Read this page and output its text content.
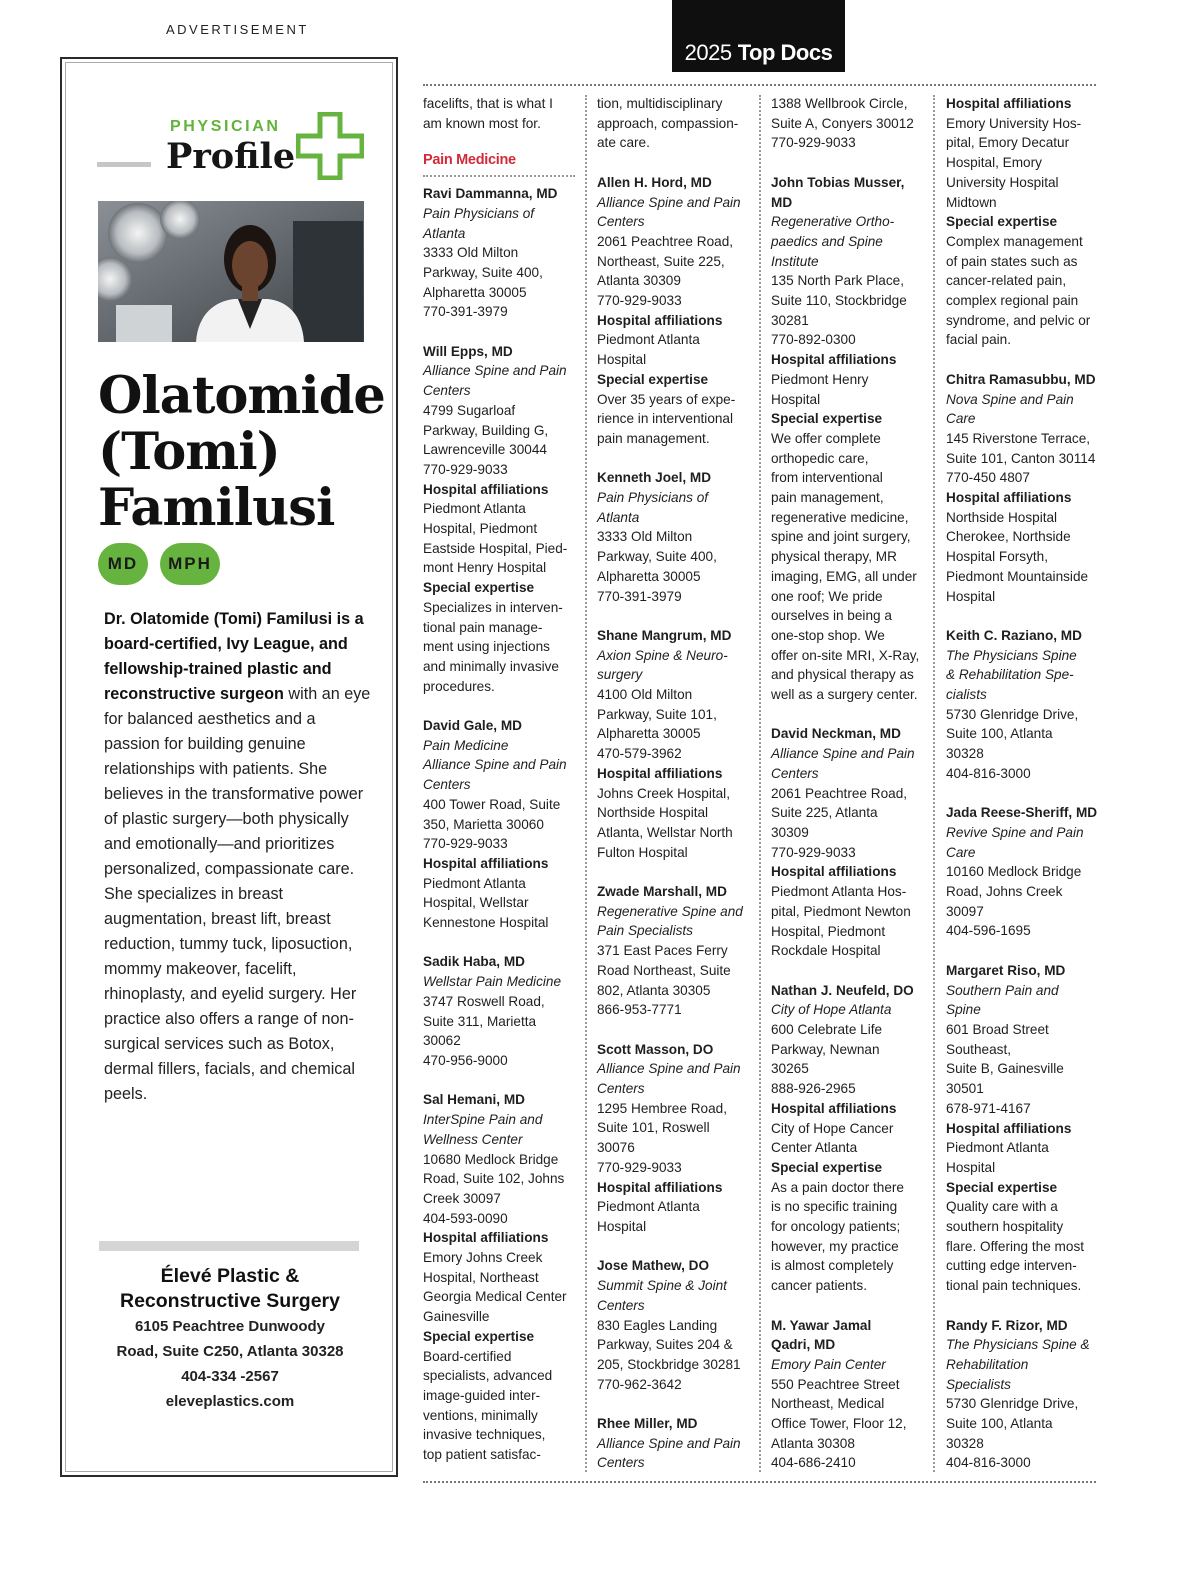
ADVERTISEMENT
2025 Top Docs
PHYSICIAN
Profile
Olatomide
(Tomi)
Familusi
MD	MPH
Dr. Olatomide (Tomi) Familusi is a board-certified, Ivy League, and fellowship-trained plastic and reconstructive surgeon with an eye for balanced aesthetics and a passion for building genuine relationships with patients. She believes in the transformative power of plastic surgery—both physically and emotionally—and prioritizes personalized, compassionate care.
She specializes in breast augmentation, breast lift, breast reduction, tummy tuck, liposuction, mommy makeover, facelift, rhinoplasty, and eyelid surgery. Her practice also offers a range of non-surgical services such as Botox, dermal fillers, facials, and chemical peels.
Élevé Plastic &
Reconstructive Surgery
6105 Peachtree Dunwoody
Road, Suite C250, Atlanta 30328
404-334 -2567
eleveplastics.com
facelifts, that is what I
am known most for.
Pain Medicine
Ravi Dammanna, MD
Pain Physicians of
Atlanta
3333 Old Milton
Parkway, Suite 400,
Alpharetta 30005
770-391-3979
Will Epps, MD
Alliance Spine and Pain
Centers
4799 Sugarloaf
Parkway, Building G,
Lawrenceville 30044
770-929-9033
Hospital affiliations
Piedmont Atlanta
Hospital, Piedmont
Eastside Hospital, Pied-
mont Henry Hospital
Special expertise
Specializes in interven-
tional pain manage-
ment using injections
and minimally invasive
procedures.
David Gale, MD
Pain Medicine
Alliance Spine and Pain
Centers
400 Tower Road, Suite
350, Marietta 30060
770-929-9033
Hospital affiliations
Piedmont Atlanta
Hospital, Wellstar
Kennestone Hospital
Sadik Haba, MD
Wellstar Pain Medicine
3747 Roswell Road,
Suite 311, Marietta
30062
470-956-9000
Sal Hemani, MD
InterSpine Pain and
Wellness Center
10680 Medlock Bridge
Road, Suite 102, Johns
Creek 30097
404-593-0090
Hospital affiliations
Emory Johns Creek
Hospital, Northeast
Georgia Medical Center
Gainesville
Special expertise
Board-certified
specialists, advanced
image-guided inter-
ventions, minimally
invasive techniques,
top patient satisfac-
tion, multidisciplinary
approach, compassion-
ate care.
Allen H. Hord, MD
Alliance Spine and Pain
Centers
2061 Peachtree Road,
Northeast, Suite 225,
Atlanta 30309
770-929-9033
Hospital affiliations
Piedmont Atlanta
Hospital
Special expertise
Over 35 years of expe-
rience in interventional
pain management.
Kenneth Joel, MD
Pain Physicians of
Atlanta
3333 Old Milton
Parkway, Suite 400,
Alpharetta 30005
770-391-3979
Shane Mangrum, MD
Axion Spine & Neuro-
surgery
4100 Old Milton
Parkway, Suite 101,
Alpharetta 30005
470-579-3962
Hospital affiliations
Johns Creek Hospital,
Northside Hospital
Atlanta, Wellstar North
Fulton Hospital
Zwade Marshall, MD
Regenerative Spine and
Pain Specialists
371 East Paces Ferry
Road Northeast, Suite
802, Atlanta 30305
866-953-7771
Scott Masson, DO
Alliance Spine and Pain
Centers
1295 Hembree Road,
Suite 101, Roswell
30076
770-929-9033
Hospital affiliations
Piedmont Atlanta
Hospital
Jose Mathew, DO
Summit Spine & Joint
Centers
830 Eagles Landing
Parkway, Suites 204 &
205, Stockbridge 30281
770-962-3642
Rhee Miller, MD
Alliance Spine and Pain
Centers
1388 Wellbrook Circle,
Suite A, Conyers 30012
770-929-9033
John Tobias Musser,
MD
Regenerative Ortho-
paedics and Spine
Institute
135 North Park Place,
Suite 110, Stockbridge
30281
770-892-0300
Hospital affiliations
Piedmont Henry
Hospital
Special expertise
We offer complete
orthopedic care,
from interventional
pain management,
regenerative medicine,
spine and joint surgery,
physical therapy, MR
imaging, EMG, all under
one roof; We pride
ourselves in being a
one-stop shop. We
offer on-site MRI, X-Ray,
and physical therapy as
well as a surgery center.
David Neckman, MD
Alliance Spine and Pain
Centers
2061 Peachtree Road,
Suite 225, Atlanta
30309
770-929-9033
Hospital affiliations
Piedmont Atlanta Hos-
pital, Piedmont Newton
Hospital, Piedmont
Rockdale Hospital
Nathan J. Neufeld, DO
City of Hope Atlanta
600 Celebrate Life
Parkway, Newnan
30265
888-926-2965
Hospital affiliations
City of Hope Cancer
Center Atlanta
Special expertise
As a pain doctor there
is no specific training
for oncology patients;
however, my practice
is almost completely
cancer patients.
M. Yawar Jamal
Qadri, MD
Emory Pain Center
550 Peachtree Street
Northeast, Medical
Office Tower, Floor 12,
Atlanta 30308
404-686-2410
Hospital affiliations
Emory University Hos-
pital, Emory Decatur
Hospital, Emory
University Hospital
Midtown
Special expertise
Complex management
of pain states such as
cancer-related pain,
complex regional pain
syndrome, and pelvic or
facial pain.
Chitra Ramasubbu, MD
Nova Spine and Pain
Care
145 Riverstone Terrace,
Suite 101, Canton 30114
770-450 4807
Hospital affiliations
Northside Hospital
Cherokee, Northside
Hospital Forsyth,
Piedmont Mountainside
Hospital
Keith C. Raziano, MD
The Physicians Spine
& Rehabilitation Spe-
cialists
5730 Glenridge Drive,
Suite 100, Atlanta
30328
404-816-3000
Jada Reese-Sheriff, MD
Revive Spine and Pain
Care
10160 Medlock Bridge
Road, Johns Creek
30097
404-596-1695
Margaret Riso, MD
Southern Pain and
Spine
601 Broad Street
Southeast,
Suite B, Gainesville
30501
678-971-4167
Hospital affiliations
Piedmont Atlanta
Hospital
Special expertise
Quality care with a
southern hospitality
flare. Offering the most
cutting edge interven-
tional pain techniques.
Randy F. Rizor, MD
The Physicians Spine &
Rehabilitation
Specialists
5730 Glenridge Drive,
Suite 100, Atlanta
30328
404-816-3000
